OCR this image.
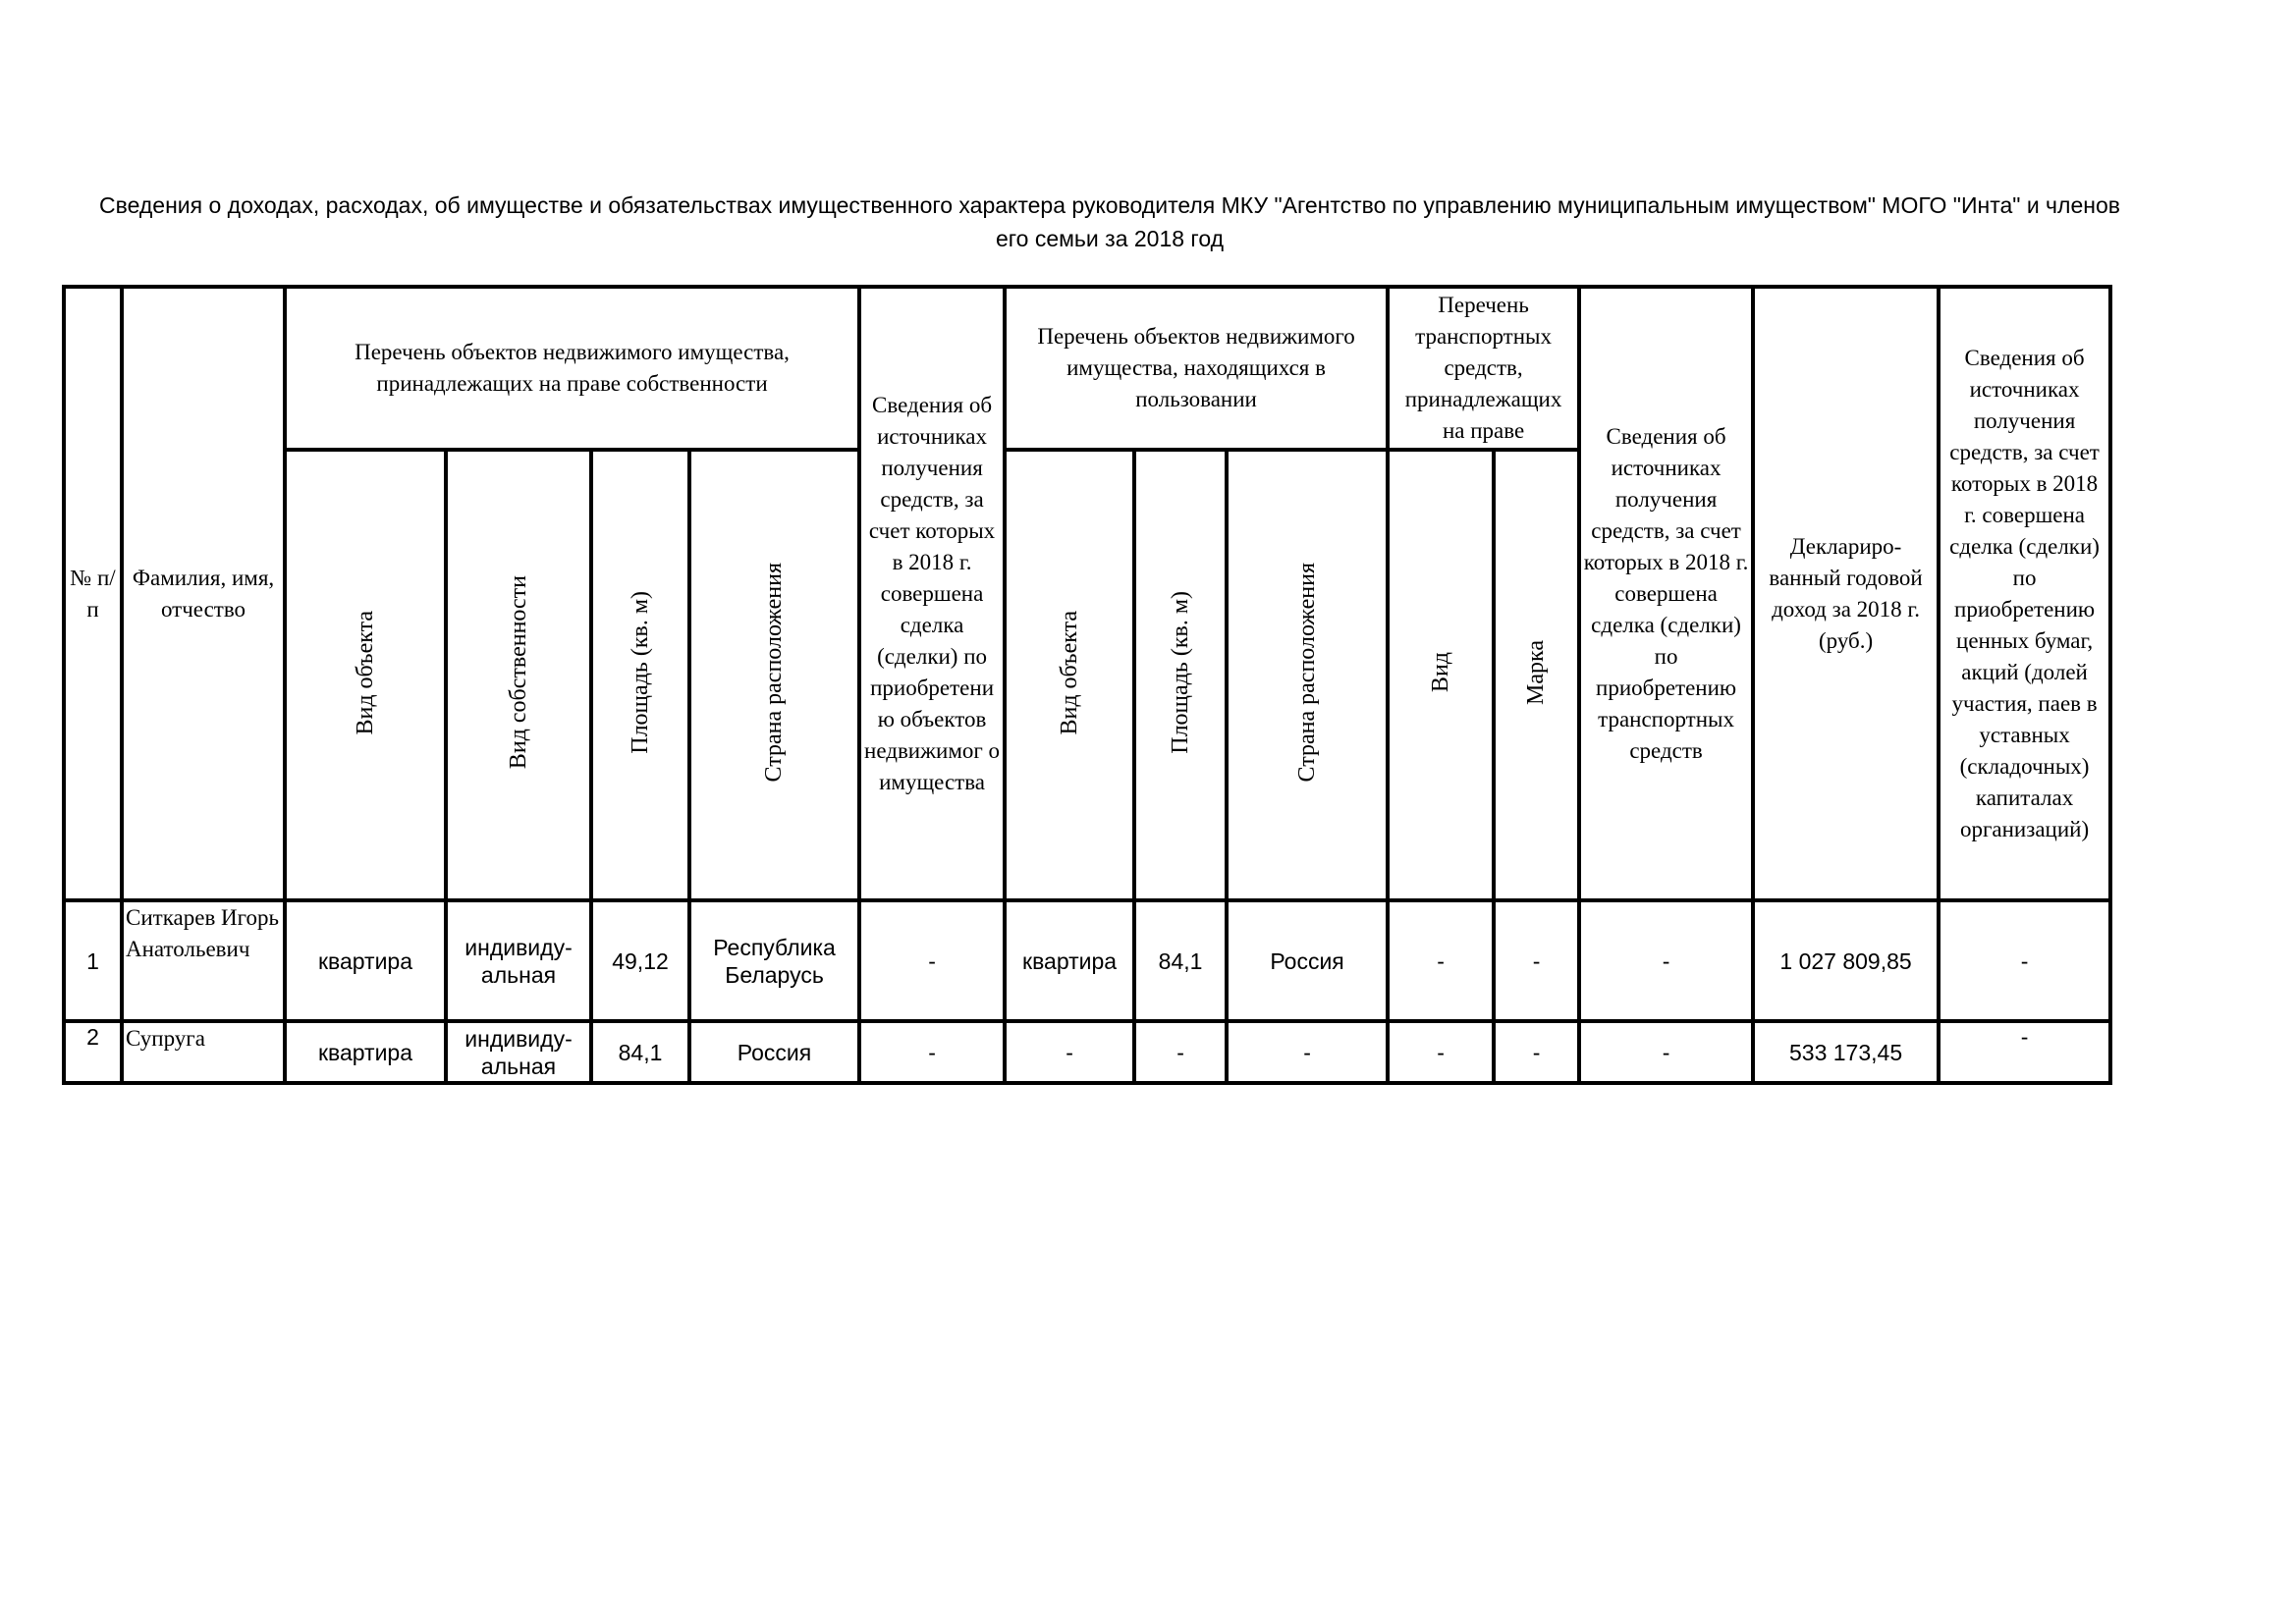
Сведения о доходах, расходах, об имуществе и обязательствах имущественного характера руководителя МКУ "Агентство по управлению муниципальным имуществом" МОГО "Инта" и членов
его семьи за 2018 год
№ п/п	Фамилия, имя, отчество	Перечень объектов недвижимого имущества, принадлежащих на праве собственности				Сведения об источниках получения средств, за счет которых в 2018 г. совершена сделка (сделки) по приобретени ю объектов недвижимог о имущества	Перечень объектов недвижимого имущества, находящихся в пользовании			Перечень транспортных средств, принадлежащих на праве		Сведения об источниках получения средств, за счет которых в 2018 г. совершена сделка (сделки) по приобретению транспортных средств	Деклариро- ванный годовой доход за 2018 г.
(руб.)	Сведения об источниках получения средств, за счет которых в 2018 г. совершена сделка (сделки) по приобретению ценных бумаг, акций (долей участия, паев в уставных (складочных) капиталах организаций)
		Вид объекта	Вид собственности	Площадь (кв. м)	Страна расположения		Вид объекта	Площадь (кв. м)	Страна расположения	Вид	Марка			
1	Ситкарев Игорь Анатольевич	квартира	индивиду- альная	49,12	Республика Беларусь	-	квартира	84,1	Россия	-	-	-	1 027 809,85	-
2	Супруга	квартира	индивиду- альная	84,1	Россия	-	-	-	-	-	-	-	533 173,45	-
